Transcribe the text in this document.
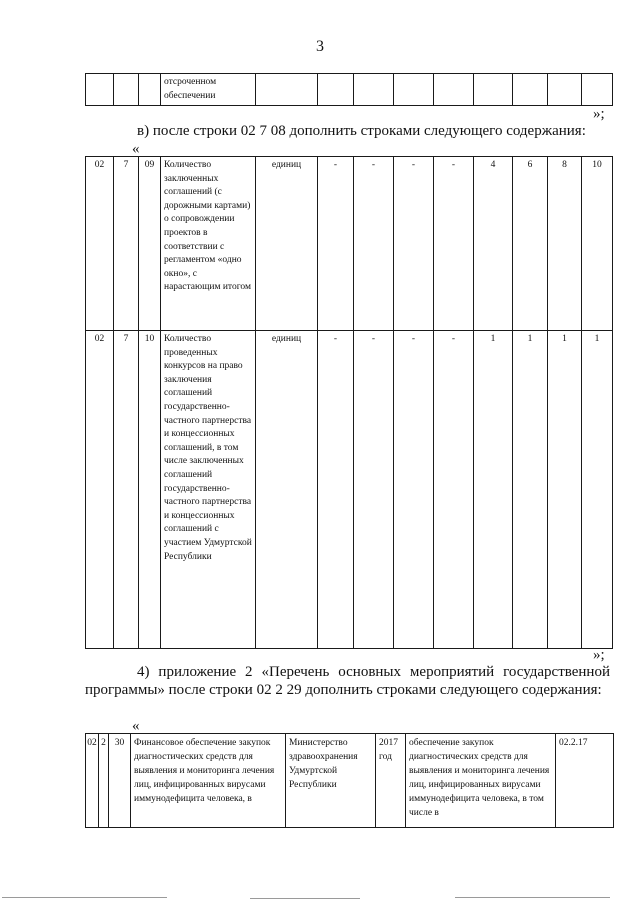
3
			отсроченном обеспечении									
»;
в) после строки 02 7 08 дополнить строками следующего содержания:
«
02	7	09	Количество заключенных соглашений (с дорожными картами) о сопровождении проектов в соответствии с регламентом «одно окно», с нарастающим итогом	единиц	-	-	-	-	4	6	8	10
02	7	10	Количество проведенных конкурсов на право заключения соглашений государственно-частного партнерства и концессионных соглашений, в том числе заключенных соглашений государственно-частного партнерства и концессионных соглашений с участием Удмуртской Республики	единиц	-	-	-	-	1	1	1	1
»;
4) приложение 2 «Перечень основных мероприятий государственной программы» после строки 02 2 29 дополнить строками следующего содержания:
«
02	2	30	Финансовое обеспечение закупок диагностических средств для выявления и мониторинга лечения лиц, инфицированных вирусами иммунодефицита человека, в	Министерство здравоохранения Удмуртской Республики	2017 год	обеспечение закупок диагностических средств для выявления и мониторинга лечения лиц, инфицированных вирусами иммунодефицита человека, в том числе в	02.2.17
